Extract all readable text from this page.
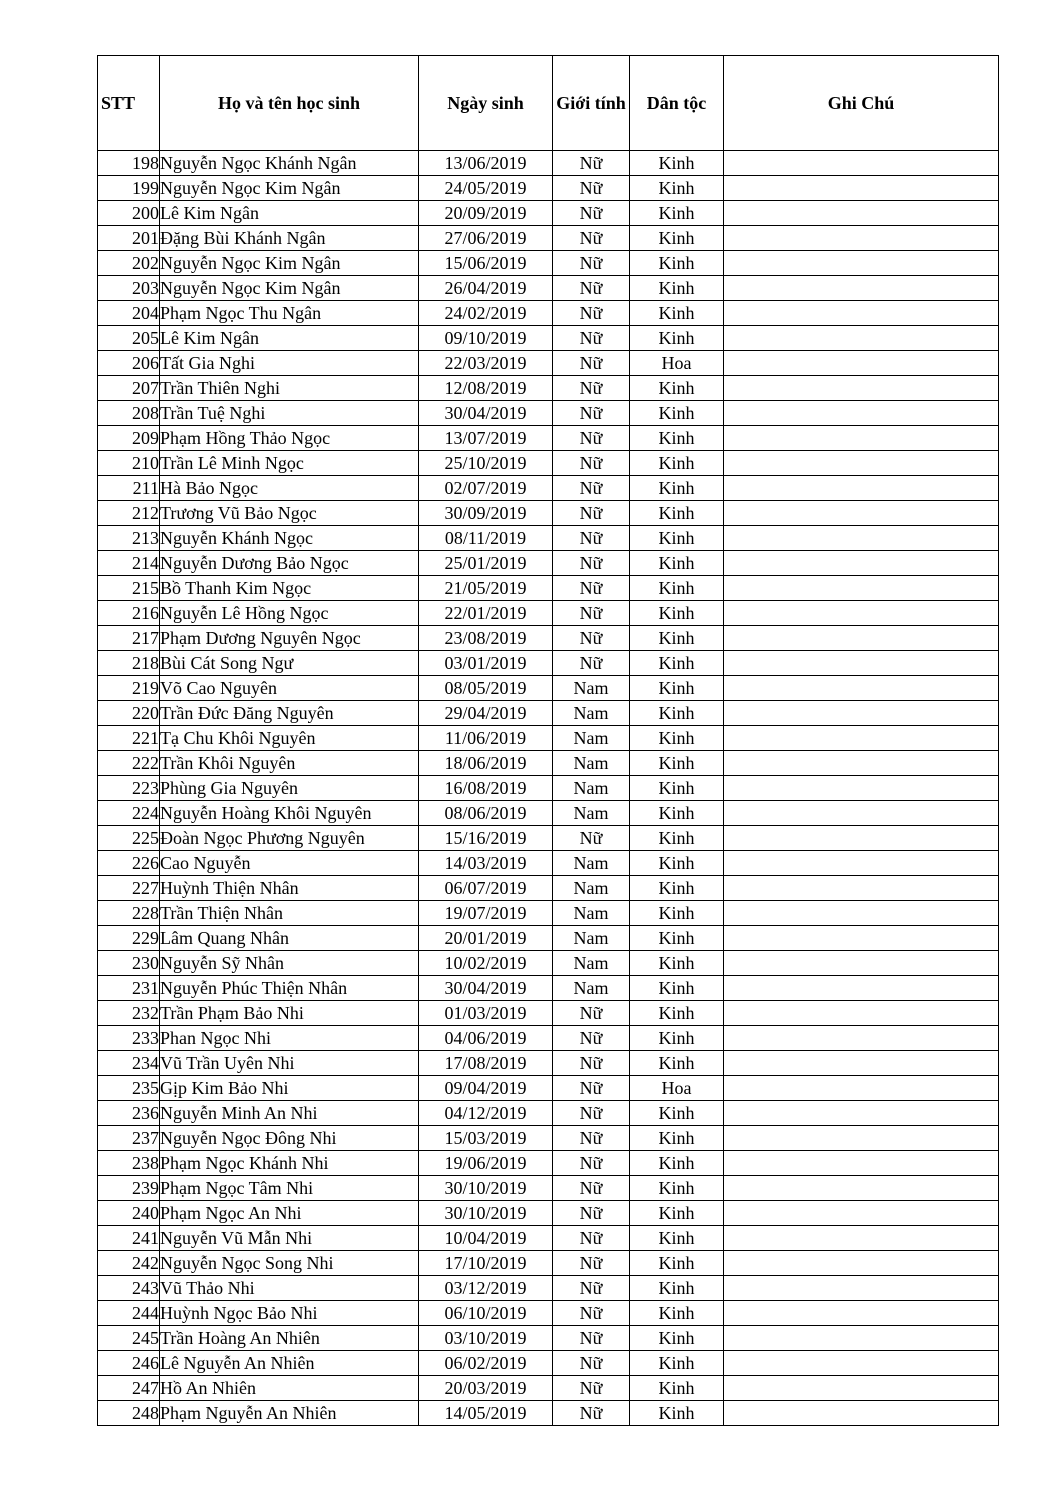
STT	Họ và tên học sinh	Ngày sinh	Giới tính	Dân tộc	Ghi Chú
198	Nguyễn Ngọc Khánh Ngân	13/06/2019	Nữ	Kinh	
199	Nguyễn Ngọc Kim Ngân	24/05/2019	Nữ	Kinh	
200	Lê Kim Ngân	20/09/2019	Nữ	Kinh	
201	Đặng Bùi Khánh Ngân	27/06/2019	Nữ	Kinh	
202	Nguyễn Ngọc Kim Ngân	15/06/2019	Nữ	Kinh	
203	Nguyễn Ngọc Kim Ngân	26/04/2019	Nữ	Kinh	
204	Phạm Ngọc Thu Ngân	24/02/2019	Nữ	Kinh	
205	Lê Kim Ngân	09/10/2019	Nữ	Kinh	
206	Tất Gia Nghi	22/03/2019	Nữ	Hoa	
207	Trần Thiên Nghi	12/08/2019	Nữ	Kinh	
208	Trần Tuệ Nghi	30/04/2019	Nữ	Kinh	
209	Phạm Hồng Thảo Ngọc	13/07/2019	Nữ	Kinh	
210	Trần Lê Minh Ngọc	25/10/2019	Nữ	Kinh	
211	Hà Bảo Ngọc	02/07/2019	Nữ	Kinh	
212	Trương Vũ Bảo Ngọc	30/09/2019	Nữ	Kinh	
213	Nguyễn Khánh Ngọc	08/11/2019	Nữ	Kinh	
214	Nguyễn Dương Bảo Ngọc	25/01/2019	Nữ	Kinh	
215	Bồ Thanh Kim Ngọc	21/05/2019	Nữ	Kinh	
216	Nguyễn Lê Hồng Ngọc	22/01/2019	Nữ	Kinh	
217	Phạm Dương Nguyên Ngọc	23/08/2019	Nữ	Kinh	
218	Bùi Cát Song Ngư	03/01/2019	Nữ	Kinh	
219	Võ Cao Nguyên	08/05/2019	Nam	Kinh	
220	Trần Đức Đăng Nguyên	29/04/2019	Nam	Kinh	
221	Tạ Chu Khôi Nguyên	11/06/2019	Nam	Kinh	
222	Trần Khôi Nguyên	18/06/2019	Nam	Kinh	
223	Phùng Gia Nguyên	16/08/2019	Nam	Kinh	
224	Nguyễn Hoàng Khôi Nguyên	08/06/2019	Nam	Kinh	
225	Đoàn Ngọc Phương Nguyên	15/16/2019	Nữ	Kinh	
226	Cao Nguyễn	14/03/2019	Nam	Kinh	
227	Huỳnh Thiện Nhân	06/07/2019	Nam	Kinh	
228	Trần Thiện Nhân	19/07/2019	Nam	Kinh	
229	Lâm Quang Nhân	20/01/2019	Nam	Kinh	
230	Nguyễn Sỹ Nhân	10/02/2019	Nam	Kinh	
231	Nguyễn Phúc Thiện Nhân	30/04/2019	Nam	Kinh	
232	Trần Phạm Bảo Nhi	01/03/2019	Nữ	Kinh	
233	Phan Ngọc Nhi	04/06/2019	Nữ	Kinh	
234	Vũ Trần Uyên Nhi	17/08/2019	Nữ	Kinh	
235	Gịp Kim Bảo Nhi	09/04/2019	Nữ	Hoa	
236	Nguyễn Minh An Nhi	04/12/2019	Nữ	Kinh	
237	Nguyễn Ngọc Đông Nhi	15/03/2019	Nữ	Kinh	
238	Phạm Ngọc Khánh Nhi	19/06/2019	Nữ	Kinh	
239	Phạm Ngọc Tâm Nhi	30/10/2019	Nữ	Kinh	
240	Phạm Ngọc An Nhi	30/10/2019	Nữ	Kinh	
241	Nguyễn Vũ Mẫn Nhi	10/04/2019	Nữ	Kinh	
242	Nguyễn Ngọc Song Nhi	17/10/2019	Nữ	Kinh	
243	Vũ Thảo Nhi	03/12/2019	Nữ	Kinh	
244	Huỳnh Ngọc Bảo Nhi	06/10/2019	Nữ	Kinh	
245	Trần Hoàng An Nhiên	03/10/2019	Nữ	Kinh	
246	Lê Nguyễn An Nhiên	06/02/2019	Nữ	Kinh	
247	Hồ An Nhiên	20/03/2019	Nữ	Kinh	
248	Phạm Nguyễn An Nhiên	14/05/2019	Nữ	Kinh	
